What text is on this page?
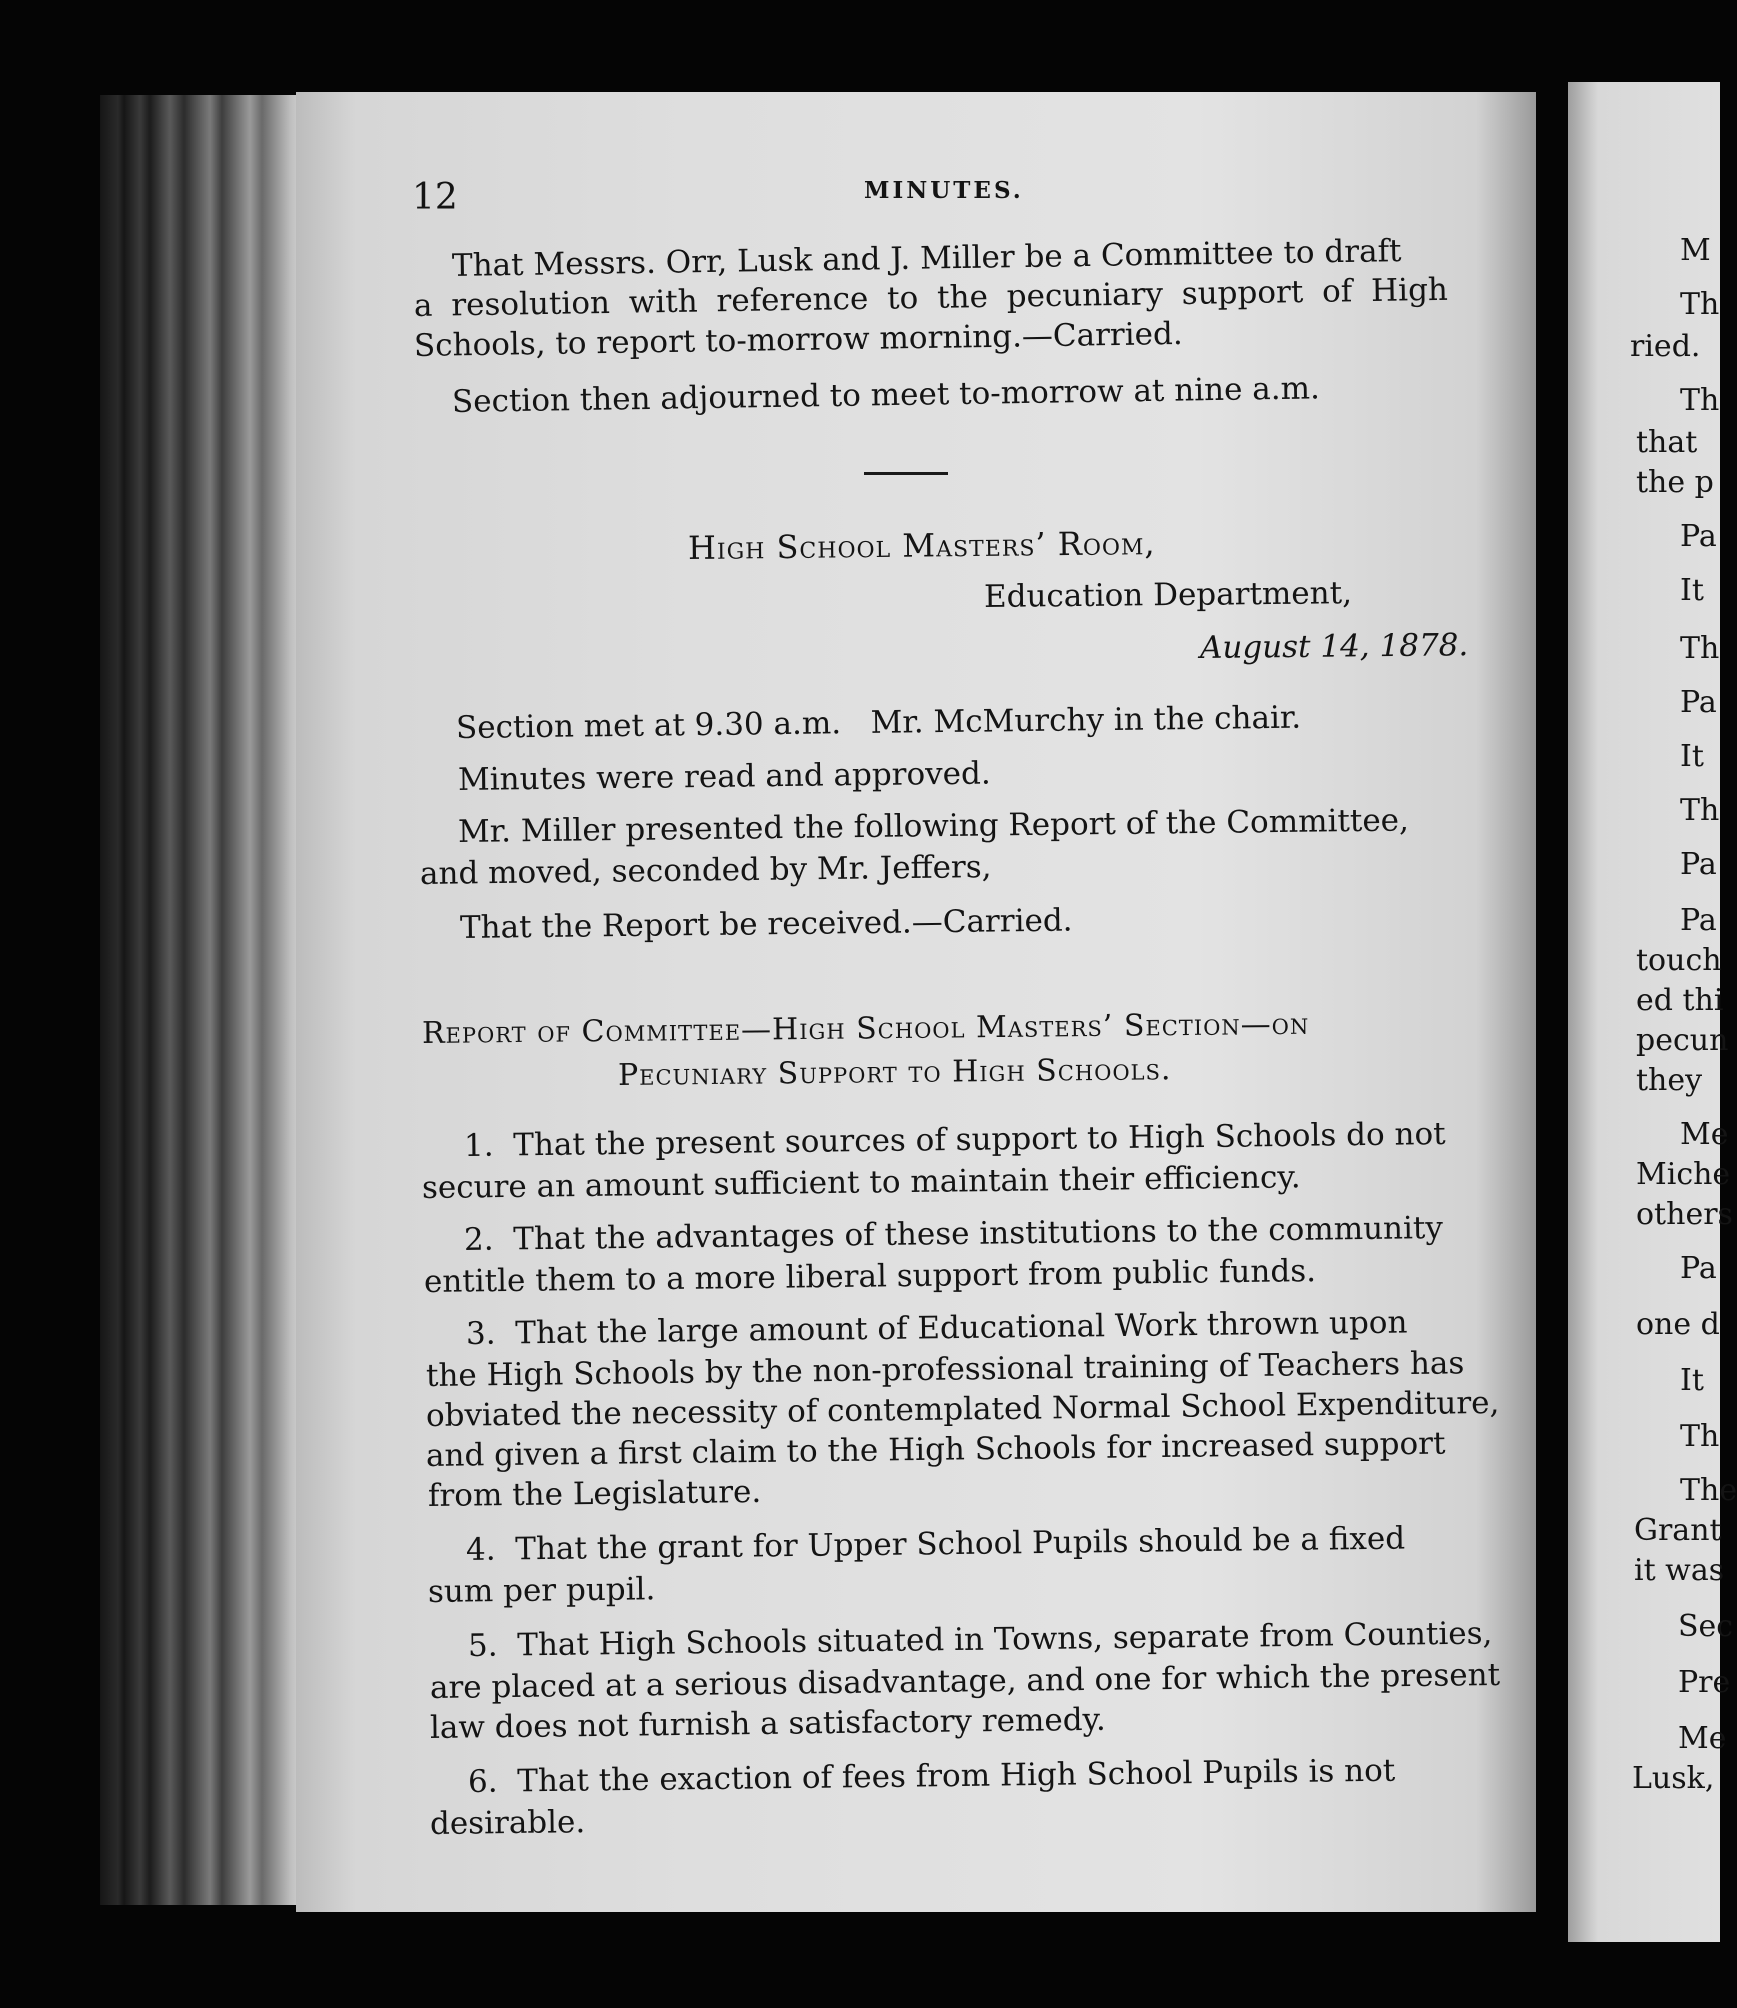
12	MINUTES.
That Messrs. Orr, Lusk and J. Miller be a Committee to draft
a resolution with reference to the pecuniary support of High
Schools, to report to-morrow morning.—Carried.
Section then adjourned to meet to-morrow at nine a.m.
High School Masters’ Room,
Education Department,
August 14, 1878.
Section met at 9.30 a.m.   Mr. McMurchy in the chair.
Minutes were read and approved.
Mr. Miller presented the following Report of the Committee,
and moved, seconded by Mr. Jeffers,
That the Report be received.—Carried.
Report of Committee—High School Masters’ Section—on
Pecuniary Support to High Schools.
1.  That the present sources of support to High Schools do not
secure an amount sufficient to maintain their efficiency.
2.  That the advantages of these institutions to the community
entitle them to a more liberal support from public funds.
3.  That the large amount of Educational Work thrown upon
the High Schools by the non-professional training of Teachers has
obviated the necessity of contemplated Normal School Expenditure,
and given a first claim to the High Schools for increased support
from the Legislature.
4.  That the grant for Upper School Pupils should be a fixed
sum per pupil.
5.  That High Schools situated in Towns, separate from Counties,
are placed at a serious disadvantage, and one for which the present
law does not furnish a satisfactory remedy.
6.  That the exaction of fees from High School Pupils is not
desirable.
M
Th
ried.
Th
that
the p
Pa
It
Th
Pa
It
Th
Pa
Pa
touch
ed thi
pecun
they
Me
Miche
others
Pa
one d
It
Th
The
Grant
it was
Sec
Pre
Me
Lusk,
